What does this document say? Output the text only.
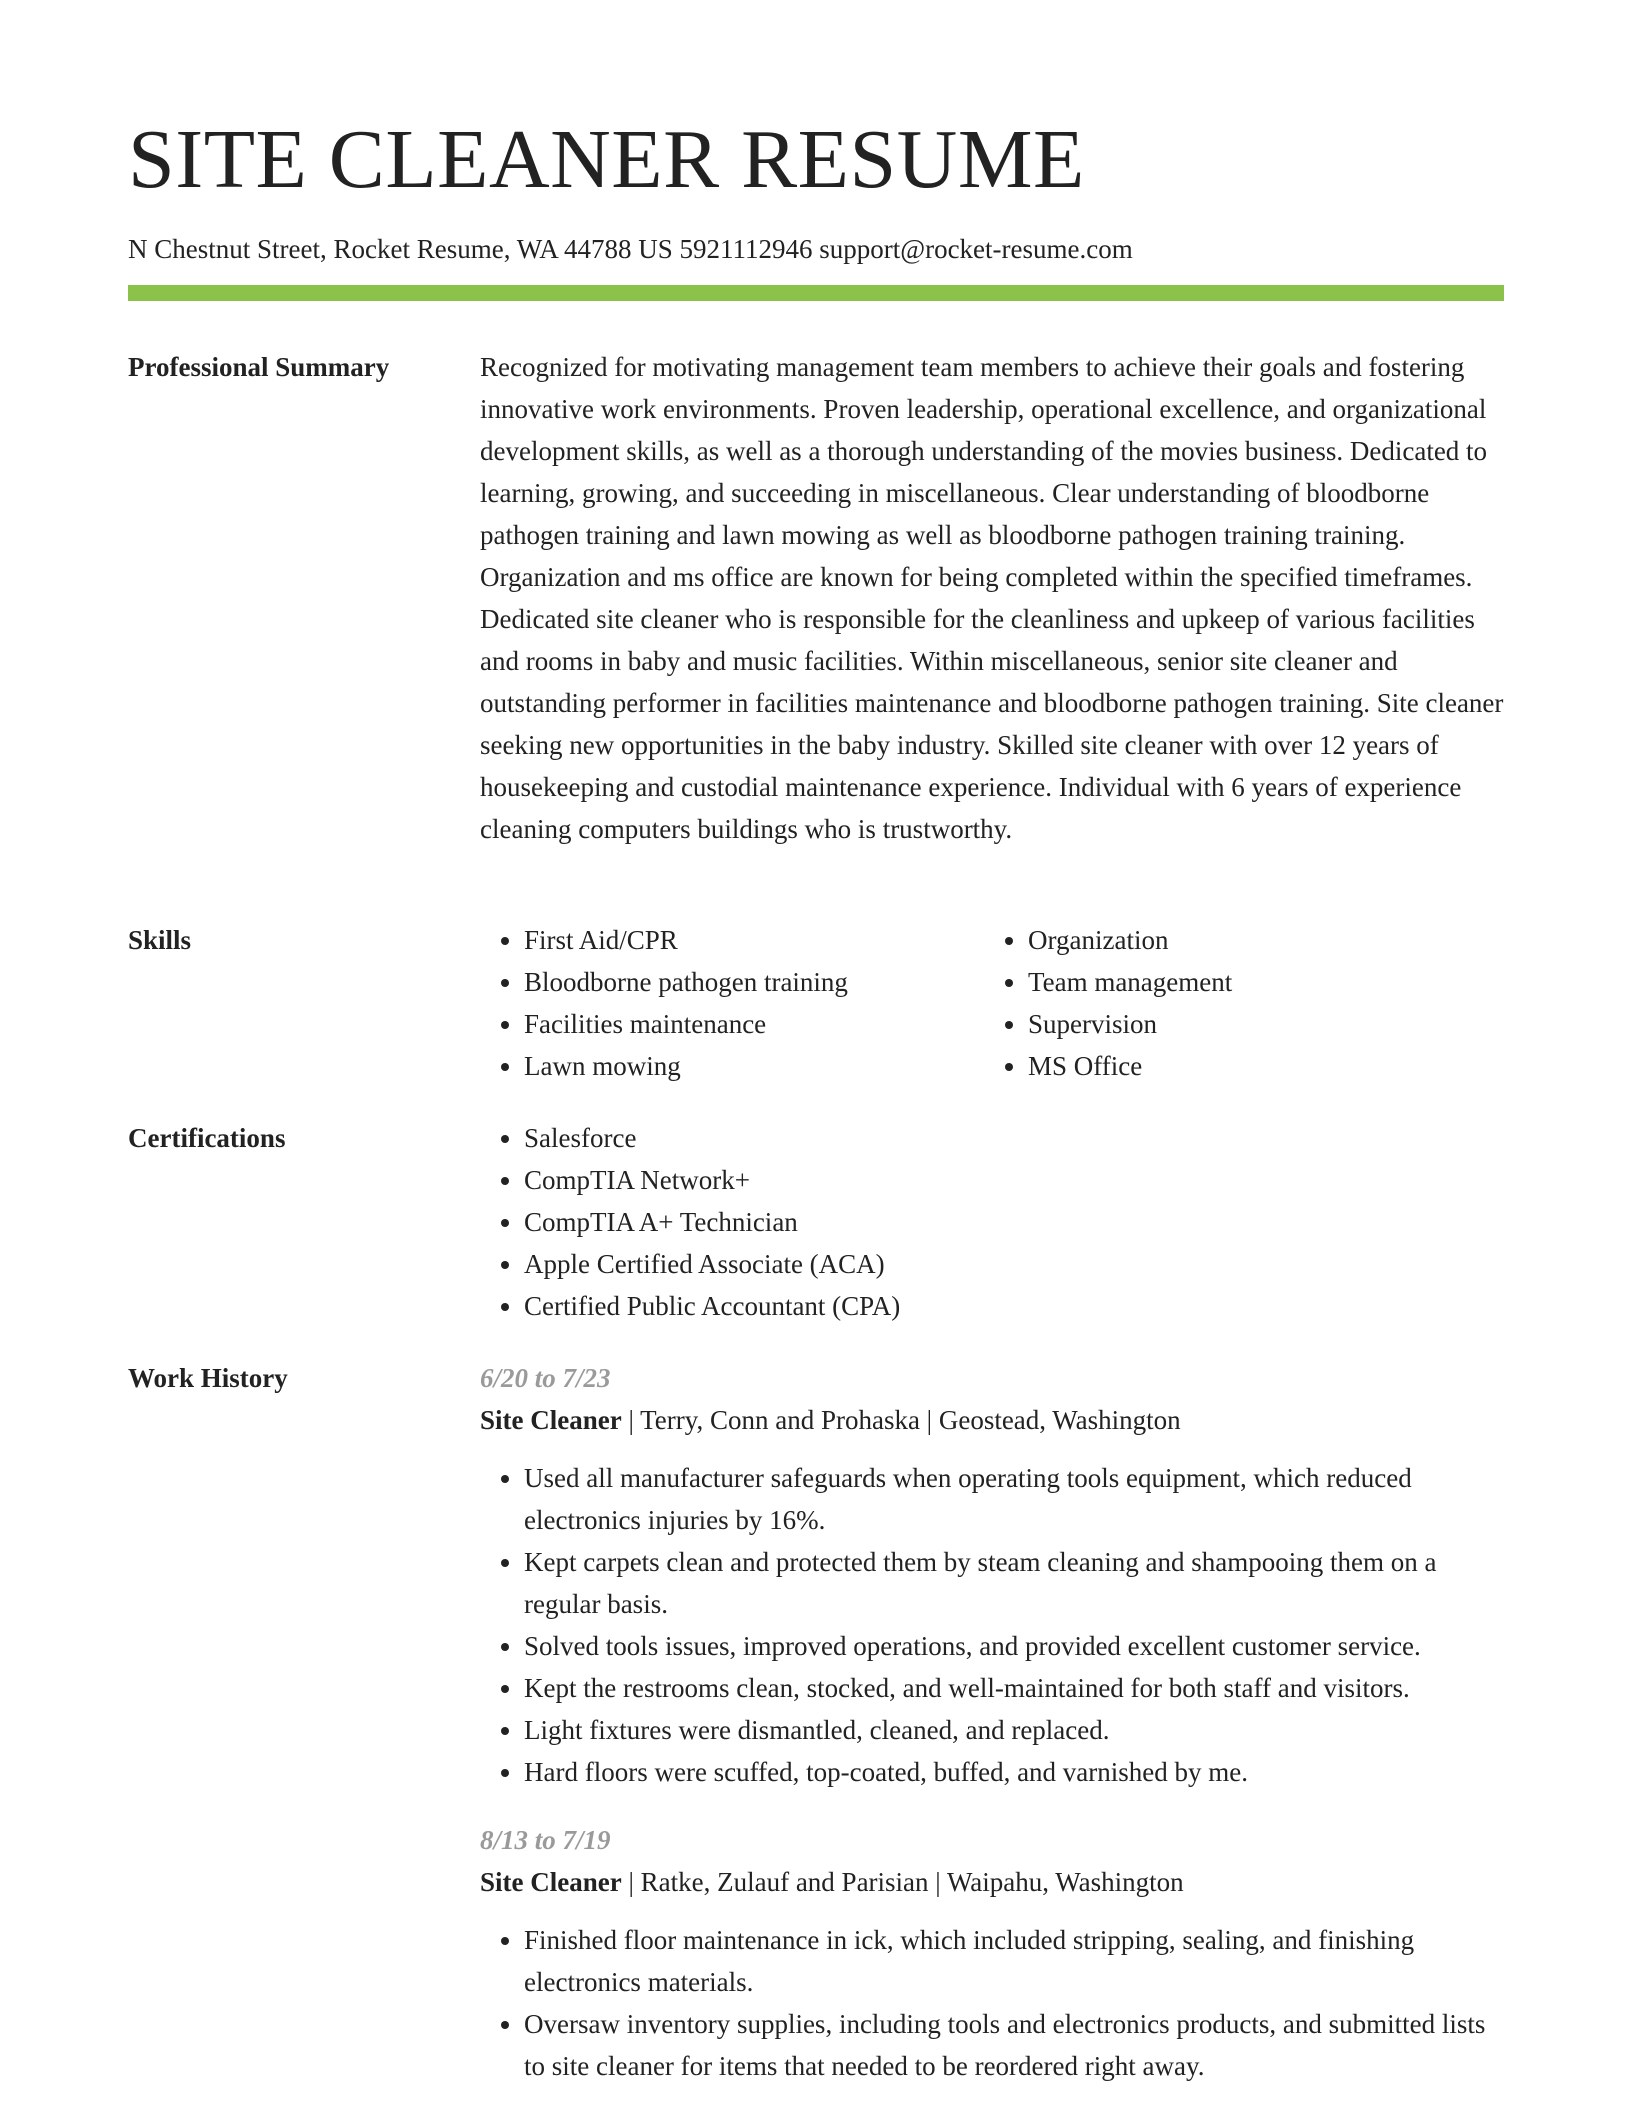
SITE CLEANER RESUME
N Chestnut Street, Rocket Resume, WA 44788 US 5921112946 support@rocket-resume.com
Professional Summary	Recognized for motivating management team members to achieve their goals and fostering innovative work environments. Proven leadership, operational excellence, and organizational development skills, as well as a thorough understanding of the movies business. Dedicated to learning, growing, and succeeding in miscellaneous. Clear understanding of bloodborne pathogen training and lawn mowing as well as bloodborne pathogen training training. Organization and ms office are known for being completed within the specified timeframes. Dedicated site cleaner who is responsible for the cleanliness and upkeep of various facilities and rooms in baby and music facilities. Within miscellaneous, senior site cleaner and outstanding performer in facilities maintenance and bloodborne pathogen training. Site cleaner seeking new opportunities in the baby industry. Skilled site cleaner with over 12 years of housekeeping and custodial maintenance experience. Individual with 6 years of experience cleaning computers buildings who is trustworthy.

Skills	• First Aid/CPR
• Bloodborne pathogen training
• Facilities maintenance
• Lawn mowing
• Organization
• Team management
• Supervision
• MS Office
Certifications	• Salesforce
• CompTIA Network+
• CompTIA A+ Technician
• Apple Certified Associate (ACA)
• Certified Public Accountant (CPA)
Work History	6/20 to 7/23
Site Cleaner | Terry, Conn and Prohaska | Geostead, Washington
• Used all manufacturer safeguards when operating tools equipment, which reduced electronics injuries by 16%.
• Kept carpets clean and protected them by steam cleaning and shampooing them on a regular basis.
• Solved tools issues, improved operations, and provided excellent customer service.
• Kept the restrooms clean, stocked, and well-maintained for both staff and visitors.
• Light fixtures were dismantled, cleaned, and replaced.
• Hard floors were scuffed, top-coated, buffed, and varnished by me.
8/13 to 7/19
Site Cleaner | Ratke, Zulauf and Parisian | Waipahu, Washington
• Finished floor maintenance in ick, which included stripping, sealing, and finishing electronics materials.
• Oversaw inventory supplies, including tools and electronics products, and submitted lists to site cleaner for items that needed to be reordered right away.
